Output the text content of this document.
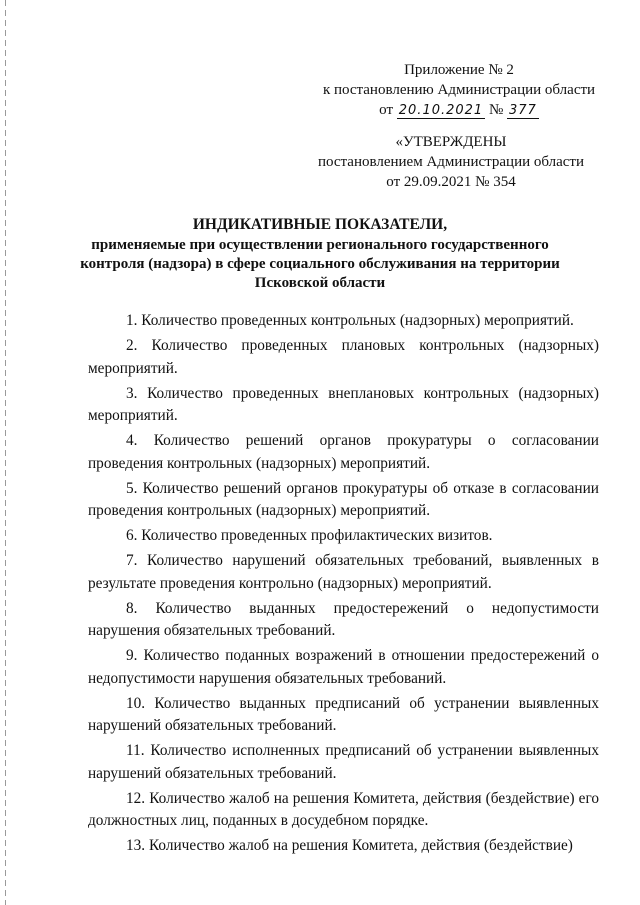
Приложение № 2
к постановлению Администрации области
от 20.10.2021 № 377
«УТВЕРЖДЕНЫ
постановлением Администрации области
от 29.09.2021 № 354
ИНДИКАТИВНЫЕ ПОКАЗАТЕЛИ,
применяемые при осуществлении регионального государственного контроля (надзора) в сфере социального обслуживания на территории Псковской области

1. Количество проведенных контрольных (надзорных) мероприятий.

2. Количество проведенных плановых контрольных (надзорных) мероприятий.

3. Количество проведенных внеплановых контрольных (надзорных) мероприятий.

4. Количество решений органов прокуратуры о согласовании проведения контрольных (надзорных) мероприятий.

5. Количество решений органов прокуратуры об отказе в согласовании проведения контрольных (надзорных) мероприятий.

6. Количество проведенных профилактических визитов.

7. Количество нарушений обязательных требований, выявленных в результате проведения контрольно (надзорных) мероприятий.

8. Количество выданных предостережений о недопустимости нарушения обязательных требований.

9. Количество поданных возражений в отношении предостережений о недопустимости нарушения обязательных требований.

10. Количество выданных предписаний об устранении выявленных нарушений обязательных требований.

11. Количество исполненных предписаний об устранении выявленных нарушений обязательных требований.

12. Количество жалоб на решения Комитета, действия (бездействие) его должностных лиц, поданных в досудебном порядке.

13. Количество жалоб на решения Комитета, действия (бездействие)
